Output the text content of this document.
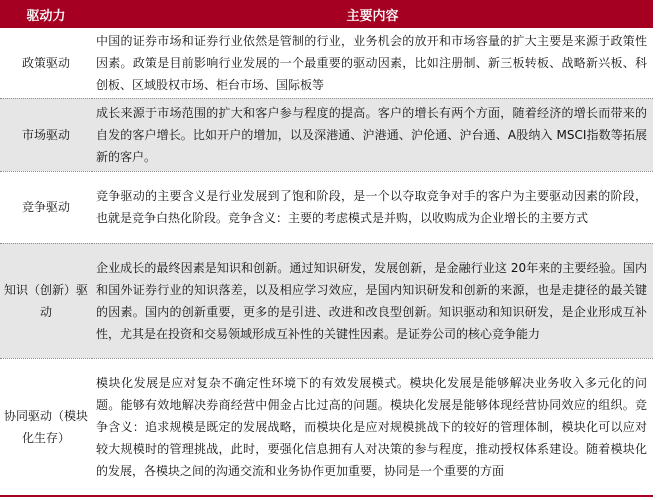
驱动力	主要内容
政策驱动	中国的证券市场和证券行业依然是管制的行业，业务机会的放开和市场容量的扩大主要是来源于政策性因素。政策是目前影响行业发展的一个最重要的驱动因素，比如注册制、新三板转板、战略新兴板、科创板、区域股权市场、柜台市场、国际板等
市场驱动	成长来源于市场范围的扩大和客户参与程度的提高。客户的增长有两个方面，随着经济的增长而带来的自发的客户增长。比如开户的增加，以及深港通、沪港通、沪伦通、沪台通、A股纳入 MSCI指数等拓展新的客户。
竞争驱动	竞争驱动的主要含义是行业发展到了饱和阶段，是一个以夺取竞争对手的客户为主要驱动因素的阶段，也就是竞争白热化阶段。竞争含义：主要的考虑模式是并购，以收购成为企业增长的主要方式
知识（创新）驱动	企业成长的最终因素是知识和创新。通过知识研发，发展创新，是金融行业这 20年来的主要经验。国内和国外证券行业的知识落差，以及相应学习效应，是国内知识研发和创新的来源，也是走捷径的最关键的因素。国内的创新重要，更多的是引进、改进和改良型创新。知识驱动和知识研发，是企业形成互补性，尤其是在投资和交易领域形成互补性的关键性因素。是证券公司的核心竞争能力
协同驱动（模块化生存）	模块化发展是应对复杂不确定性环境下的有效发展模式。模块化发展是能够解决业务收入多元化的问题。能够有效地解决券商经营中佣金占比过高的问题。模块化发展是能够体现经营协同效应的组织。竞争含义：追求规模是既定的发展战略，而模块化是应对规模挑战下的较好的管理体制，模块化可以应对较大规模时的管理挑战，此时，要强化信息拥有人对决策的参与程度，推动授权体系建设。随着模块化的发展，各模块之间的沟通交流和业务协作更加重要，协同是一个重要的方面
